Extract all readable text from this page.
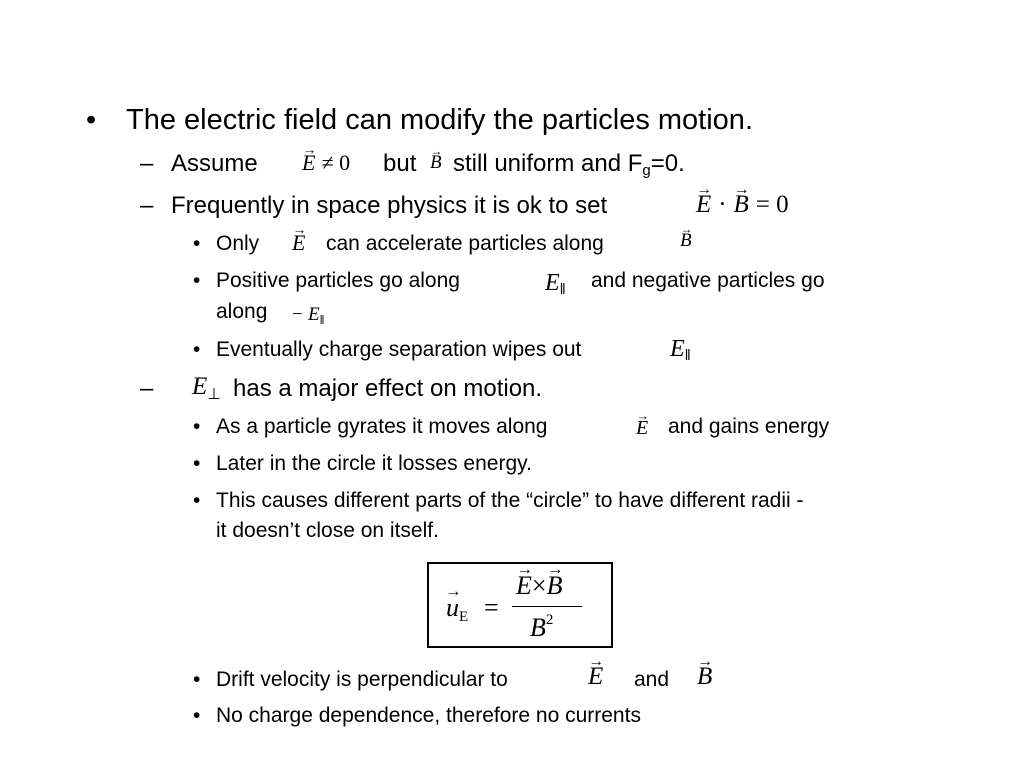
• The electric field can modify the particles motion.
– Assume → E ≠ 0 but → B still uniform and $F_g=0$.
– Frequently in space physics it is ok to set	→ E · → B = 0
• Only → E can accelerate particles along	→ B
• Positive particles go along	E‖ and negative particles go
along − E‖
• Eventually charge separation wipes out	E‖
– E⊥ has a major effect on motion.
• As a particle gyrates it moves along	→ E and gains energy
• Later in the circle it losses energy.
• This causes different parts of the “circle” to have different radii -
it doesn’t close on itself.
→ uE =
→ E×→ B
$B^2$
• Drift velocity is perpendicular to	→ E and → B
• No charge dependence, therefore no currents
